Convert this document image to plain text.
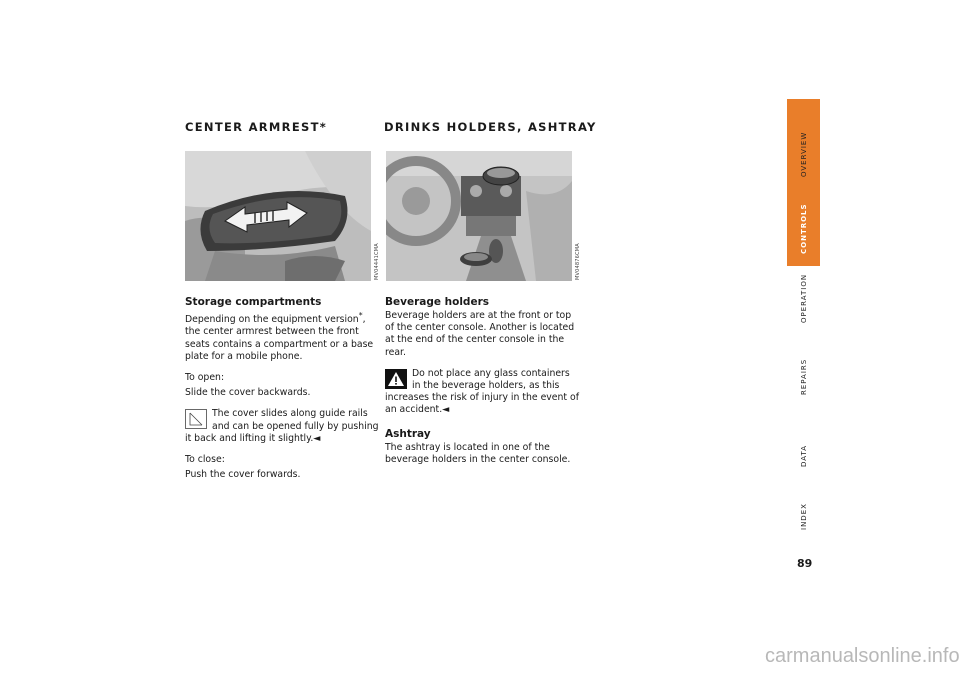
CENTER ARMREST*	DRINKS HOLDERS, ASHTRAY
MV04441CMA	MV04876CMA
Storage compartments

Depending on the equipment version*, the center armrest between the front seats contains a compartment or a base plate for a mobile phone.

To open:

Slide the cover backwards.

The cover slides along guide rails and can be opened fully by pushing it back and lifting it slightly.◄

To close:

Push the cover forwards.

Beverage holders

Beverage holders are at the front or top of the center console. Another is located at the end of the center console in the rear.

Do not place any glass containers in the beverage holders, as this increases the risk of injury in the event of an accident.◄
Ashtray

The ashtray is located in one of the beverage holders in the center console.

OVERVIEW
CONTROLS
OPERATION
REPAIRS
DATA
INDEX
89
carmanualsonline.info
